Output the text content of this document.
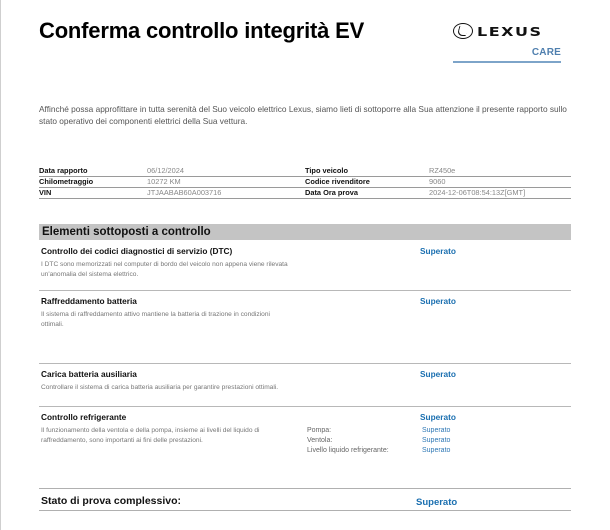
Conferma controllo integrità EV	LEXUS
CARE

Affinché possa approfittare in tutta serenità del Suo veicolo elettrico Lexus, siamo lieti di sottoporre alla Sua attenzione il presente rapporto sullo stato operativo dei componenti elettrici della Sua vettura.

Data rapporto	06/12/2024	Tipo veicolo	RZ450e
Chilometraggio	10272 KM	Codice rivenditore	9060
VIN	JTJAABAB60A003716	Data Ora prova	2024-12-06T08:54:13Z[GMT]
Elementi sottoposti a controllo
Controllo dei codici diagnostici di servizio (DTC)	Superato

I DTC sono memorizzati nel computer di bordo del veicolo non appena viene rilevata un'anomalia del sistema elettrico.

Raffreddamento batteria	Superato

Il sistema di raffreddamento attivo mantiene la batteria di trazione in condizioni ottimali.

Carica batteria ausiliaria	Superato

Controllare il sistema di carica batteria ausiliaria per garantire prestazioni ottimali.

Controllo refrigerante	Superato

Il funzionamento della ventola e della pompa, insieme ai livelli del liquido di raffreddamento, sono importanti ai fini delle prestazioni.

Pompa:	Superato
Ventola:	Superato
Livello liquido refrigerante:	Superato
Stato di prova complessivo:	Superato
